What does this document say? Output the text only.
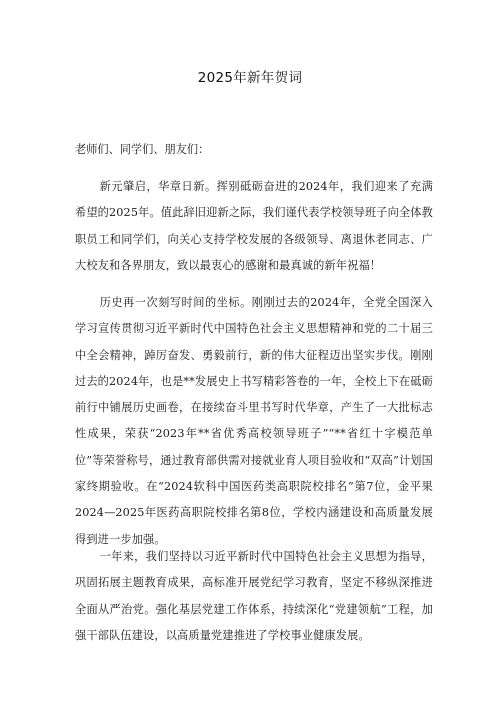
2025年新年贺词
老师们、同学们、朋友们：

新元肇启，华章日新。挥别砥砺奋进的2024年，我们迎来了充满希望的2025年。值此辞旧迎新之际，我们谨代表学校领导班子向全体教职员工和同学们，向关心支持学校发展的各级领导、离退休老同志、广大校友和各界朋友，致以最衷心的感谢和最真诚的新年祝福！

历史再一次刻写时间的坐标。刚刚过去的2024年，全党全国深入学习宣传贯彻习近平新时代中国特色社会主义思想精神和党的二十届三中全会精神，踔厉奋发、勇毅前行，新的伟大征程迈出坚实步伐。刚刚过去的2024年，也是**发展史上书写精彩答卷的一年，全校上下在砥砺前行中铺展历史画卷，在接续奋斗里书写时代华章，产生了一大批标志性成果，荣获“2023年**省优秀高校领导班子”“**省红十字模范单位”等荣誉称号，通过教育部供需对接就业育人项目验收和“双高”计划国家终期验收。在“2024软科中国医药类高职院校排名”第7位，金平果2024—2025年医药高职院校排名第8位，学校内涵建设和高质量发展得到进一步加强。

一年来，我们坚持以习近平新时代中国特色社会主义思想为指导，巩固拓展主题教育成果，高标准开展党纪学习教育，坚定不移纵深推进全面从严治党。强化基层党建工作体系，持续深化“党建领航”工程，加强干部队伍建设，以高质量党建推进了学校事业健康发展。
